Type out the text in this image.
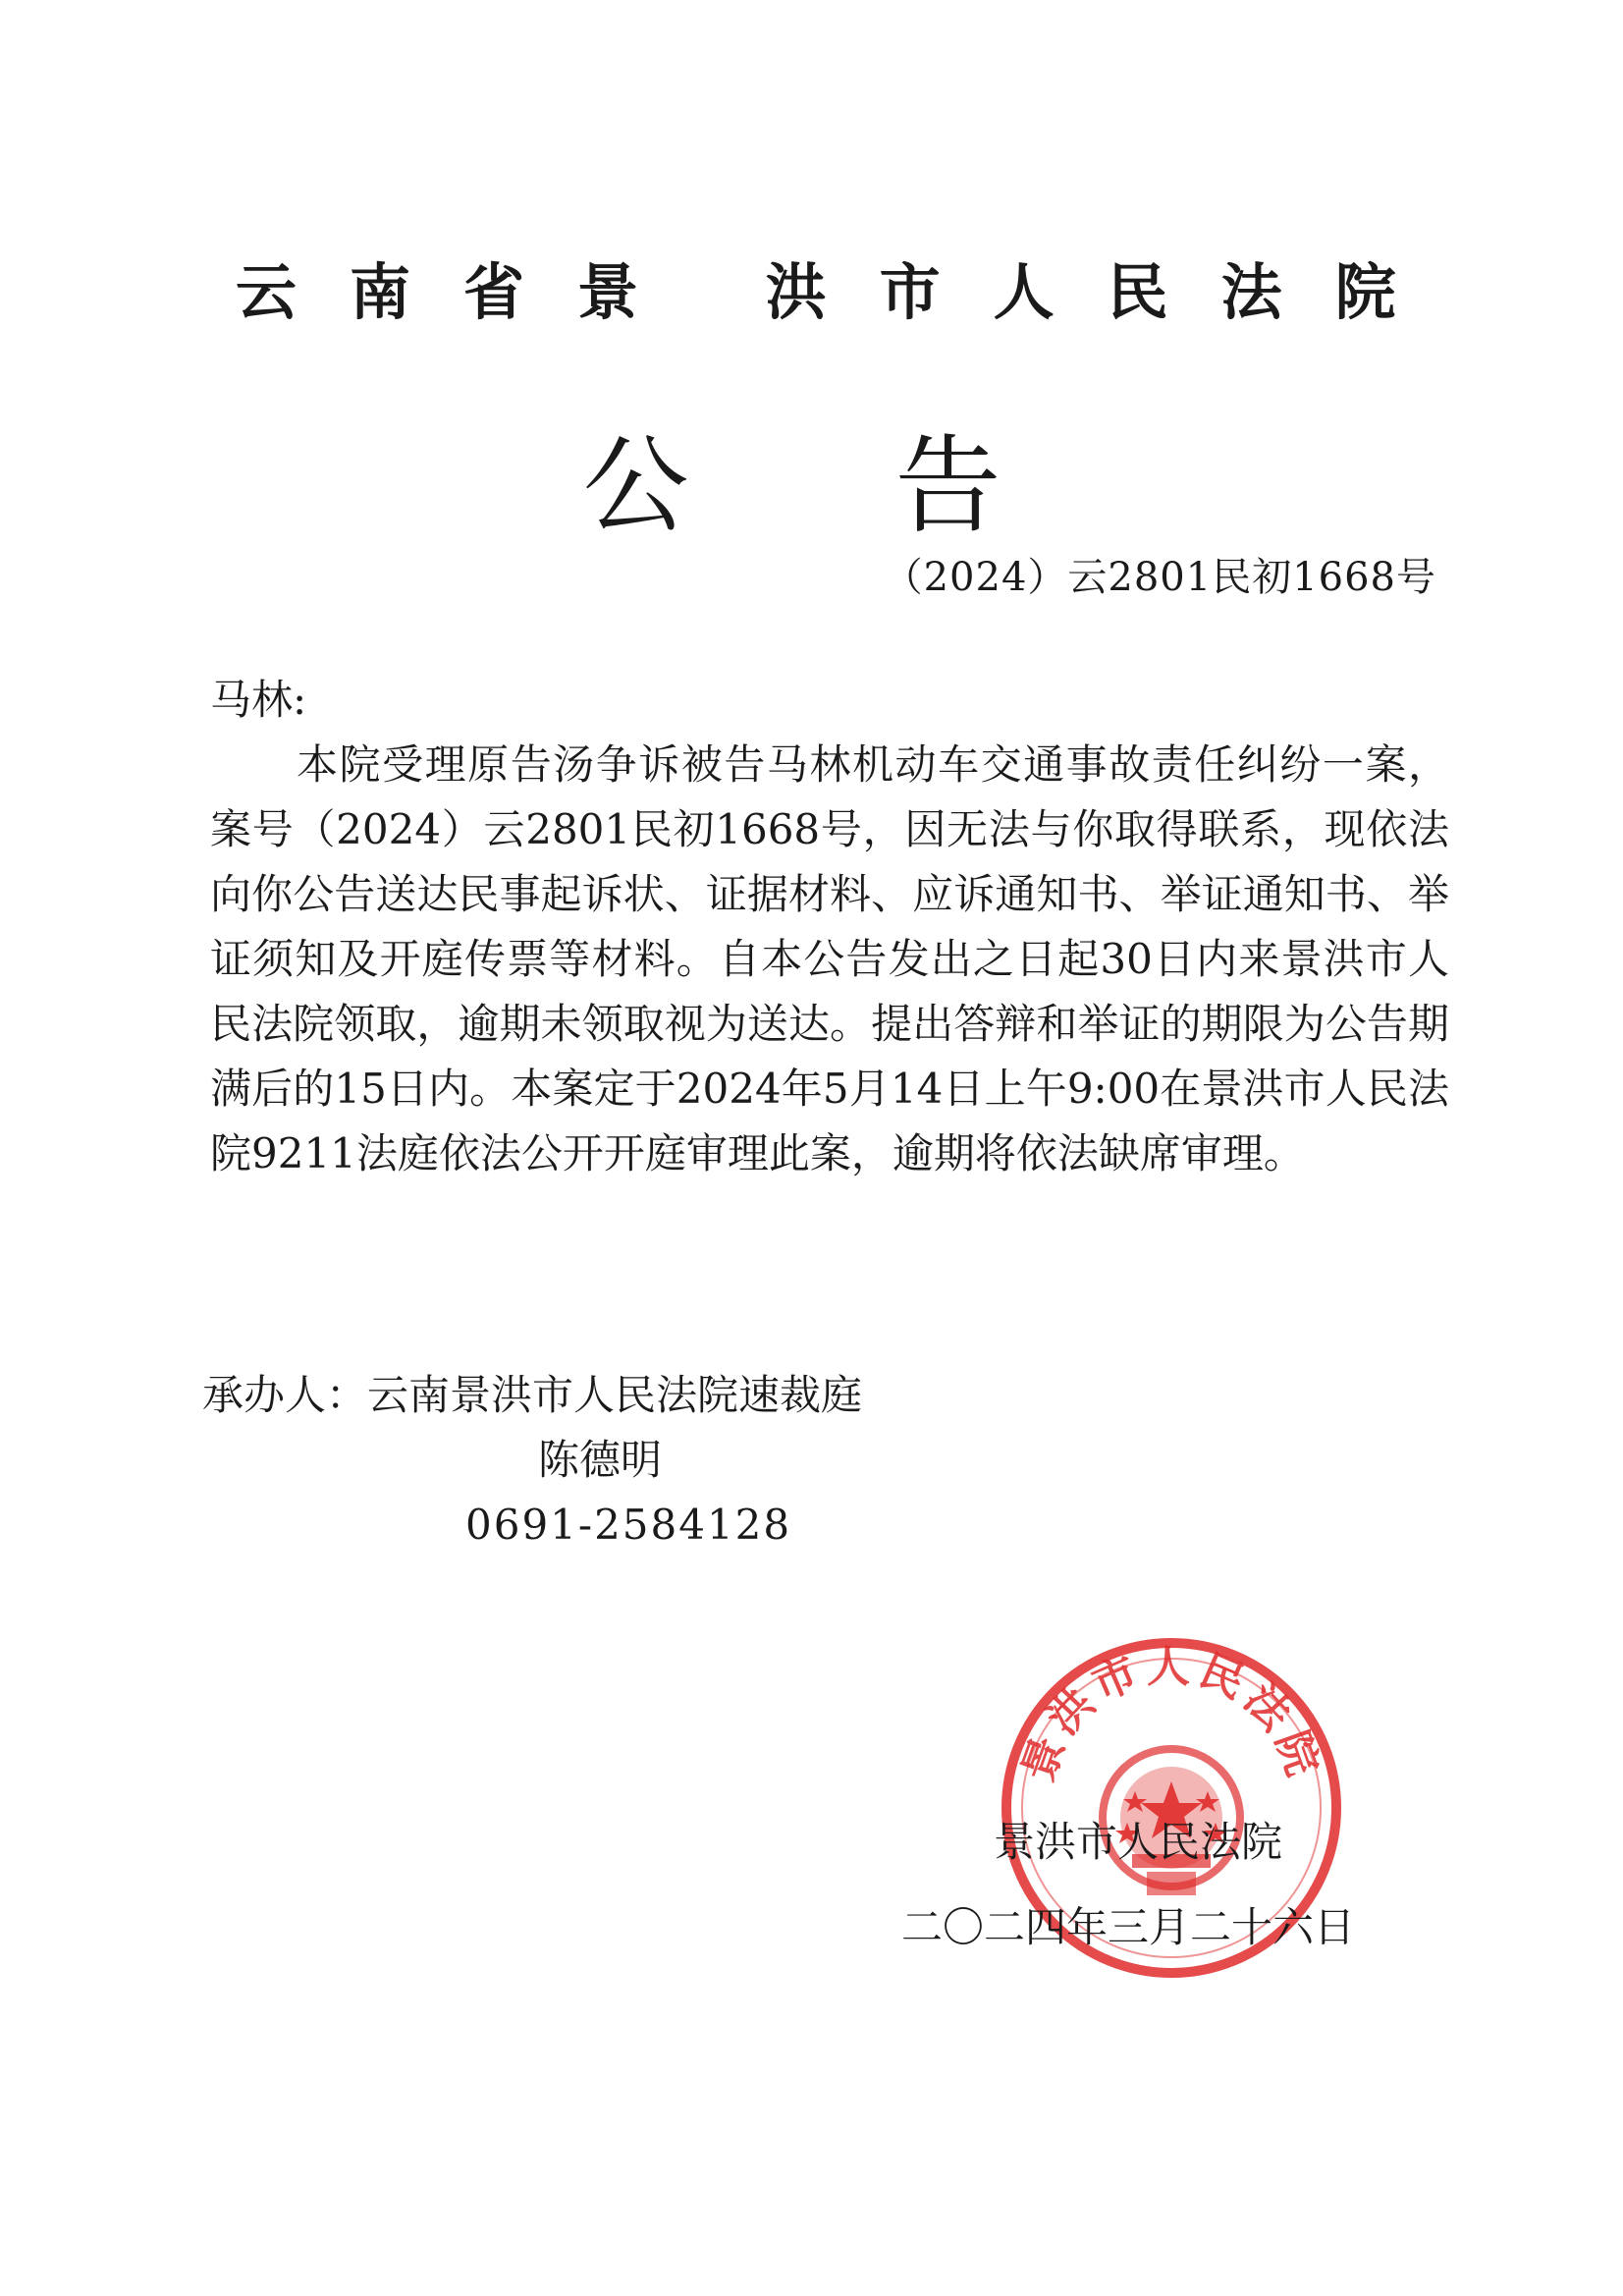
云南省景 洪市人民法院
公告
（2024）云2801民初1668号
马林:
本院受理原告汤争诉被告马林机动车交通事故责任纠纷一案，案号（2024）云2801民初1668号，因无法与你取得联系，现依法向你公告送达民事起诉状、证据材料、应诉通知书、举证通知书、举证须知及开庭传票等材料。自本公告发出之日起30日内来景洪市人民法院领取，逾期未领取视为送达。提出答辩和举证的期限为公告期满后的15日内。本案定于2024年5月14日上午9:00在景洪市人民法院9211法庭依法公开开庭审理此案，逾期将依法缺席审理。
承办人：云南景洪市人民法院速裁庭
陈德明
0691-2584128
景洪市人民法院
景洪市人民法院
二〇二四年三月二十六日
